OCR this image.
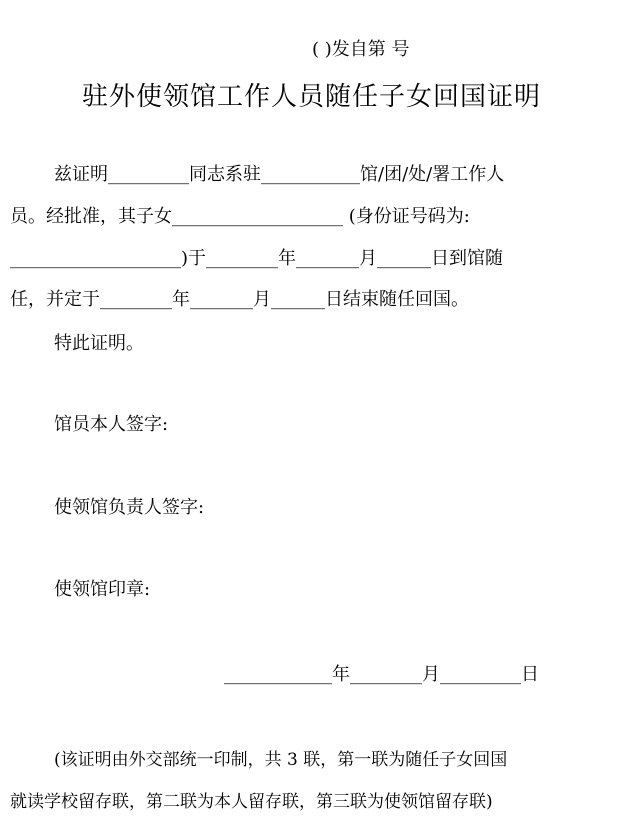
( )发自第 号
驻外使领馆工作人员随任子女回国证明
兹证明_________同志系驻___________馆/团/处/署工作人
员。经批准，其子女___________________ (身份证号码为:
___________________)于________年_______月______日到馆随
任，并定于________年_______月______日结束随任回国。
特此证明。
馆员本人签字:
使领馆负责人签字:
使领馆印章:
____________年________月_________日
(该证明由外交部统一印制，共 3 联，第一联为随任子女回国
就读学校留存联，第二联为本人留存联，第三联为使领馆留存联)
